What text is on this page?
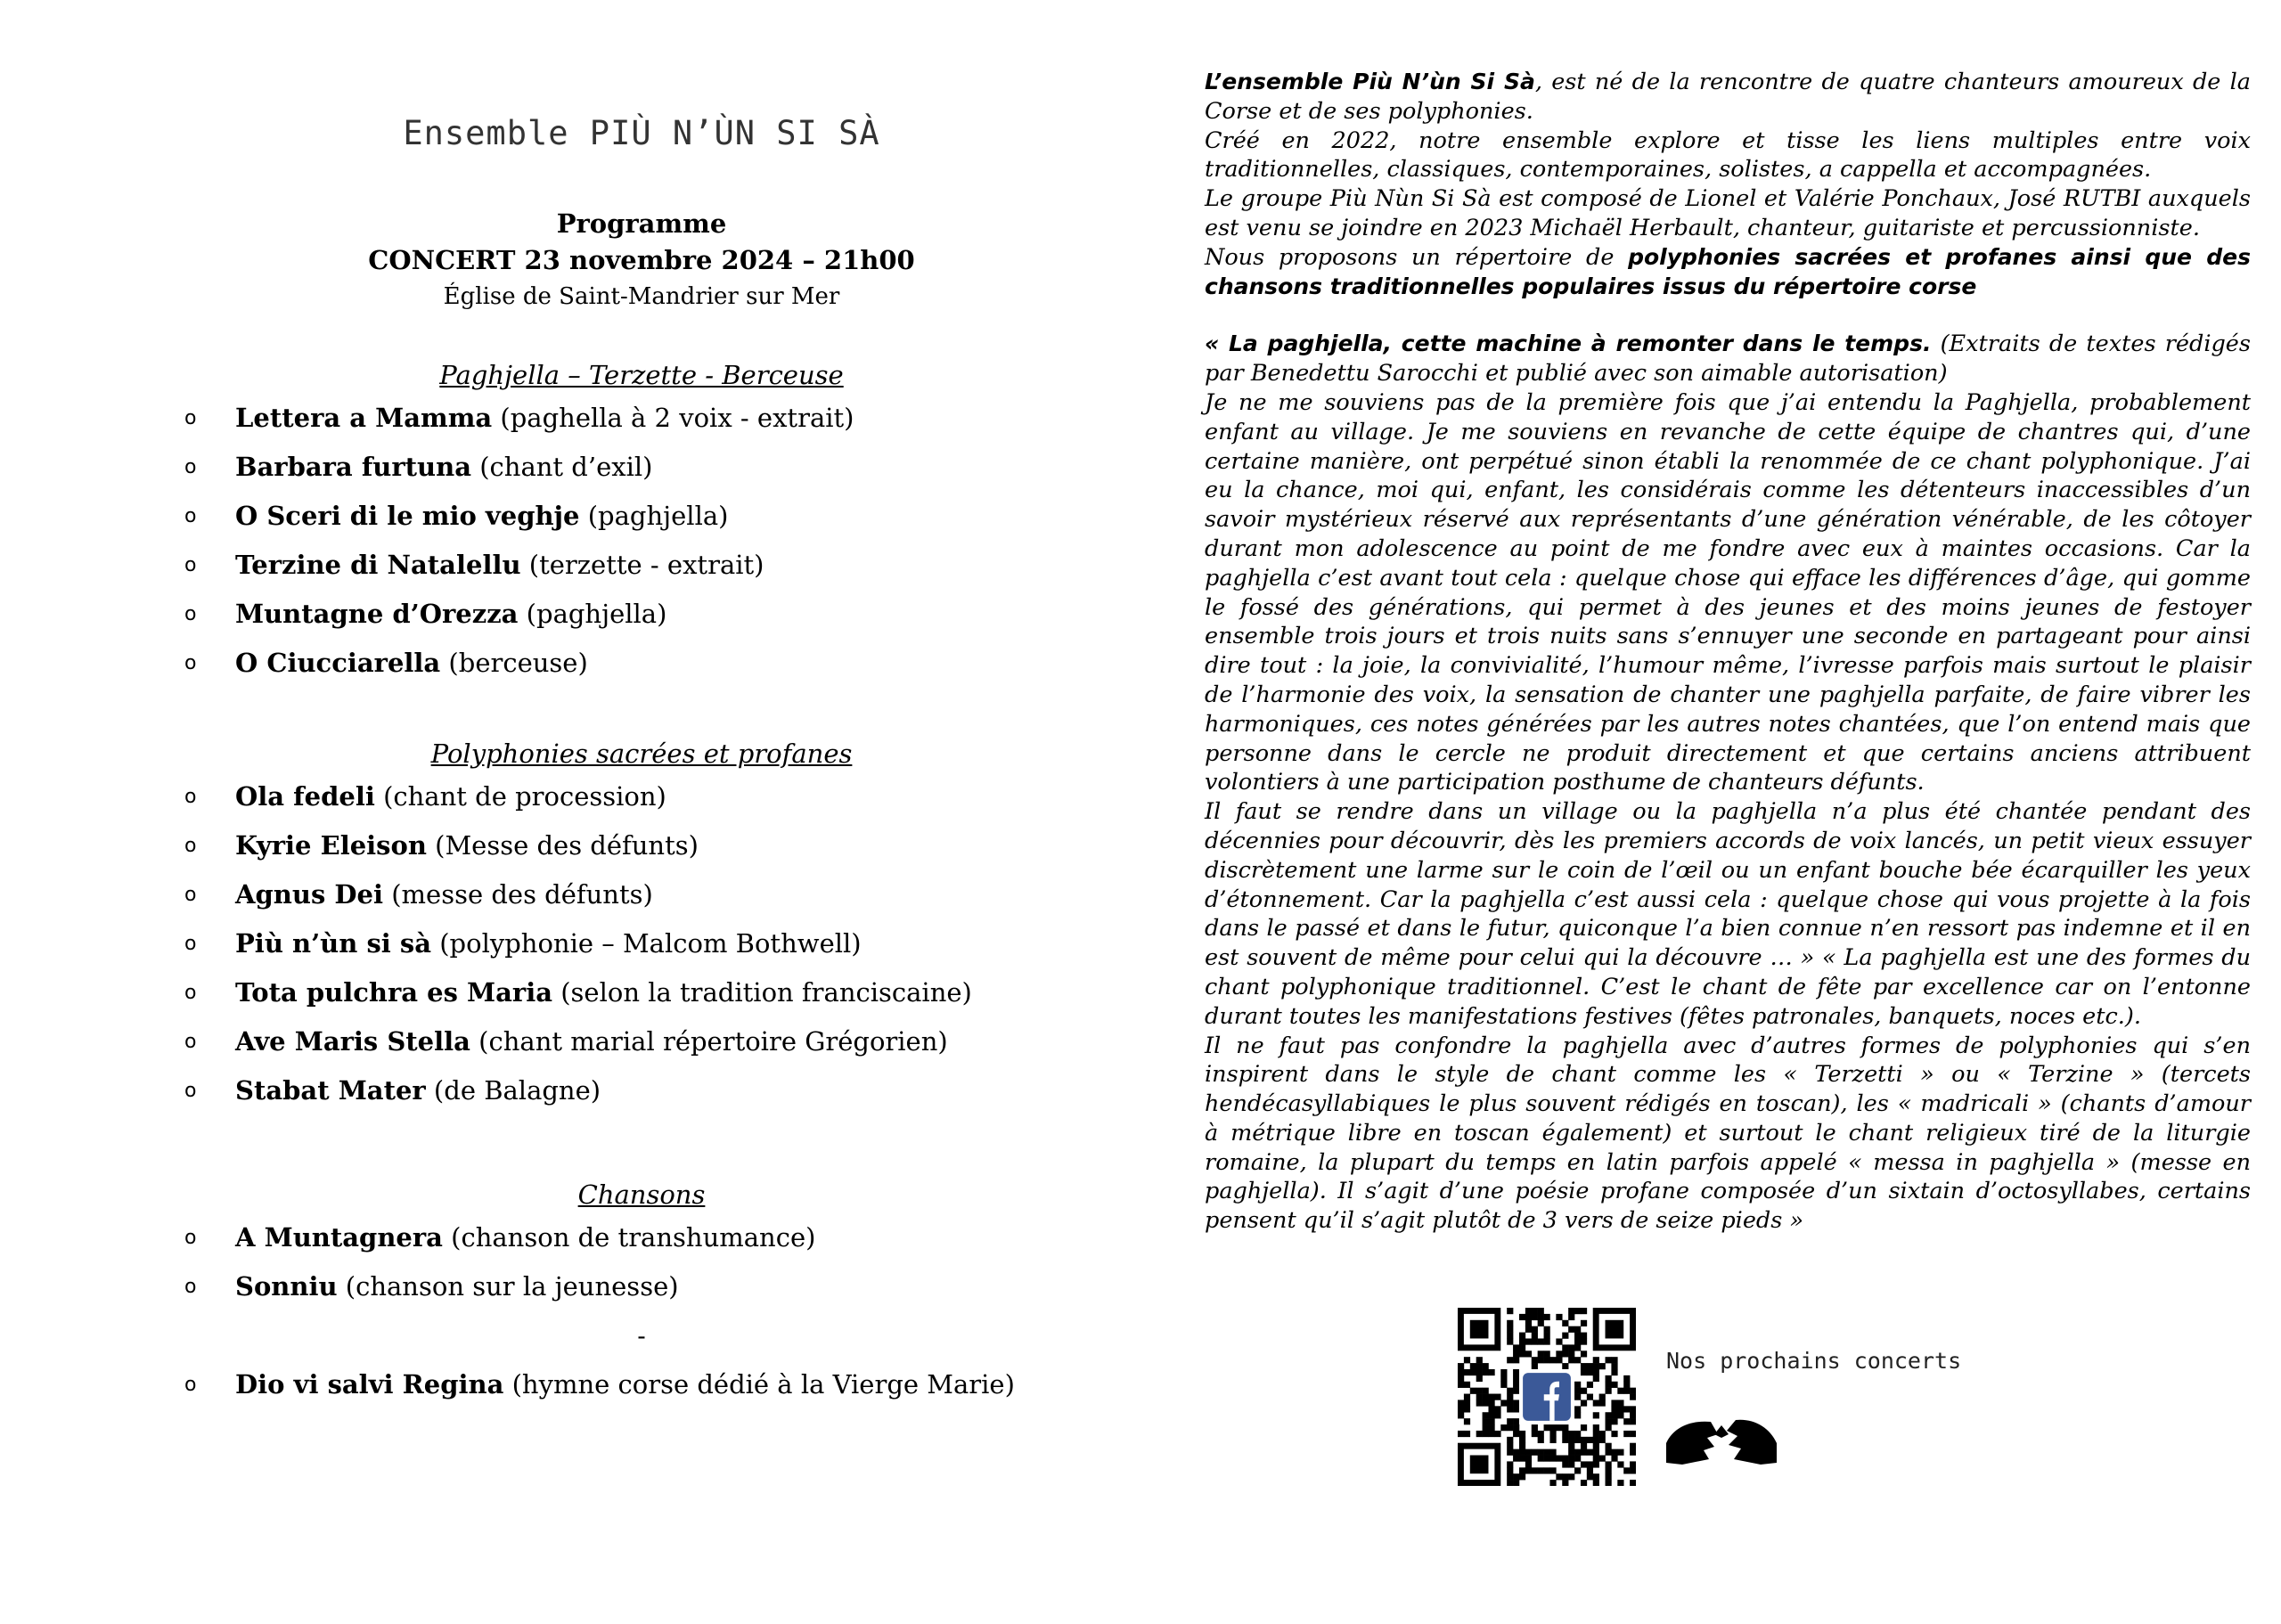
Ensemble PIÙ N’ÙN SI SÀ
Programme
CONCERT 23 novembre 2024 – 21h00
Église de Saint-Mandrier sur Mer
Paghjella – Terzette - Berceuse
o Lettera a Mamma (paghella à 2 voix - extrait)
o Barbara furtuna (chant d’exil)
o O Sceri di le mio veghje (paghjella)
o Terzine di Natalellu (terzette - extrait)
o Muntagne d’Orezza (paghjella)
o O Ciucciarella (berceuse)
Polyphonies sacrées et profanes
o Ola fedeli (chant de procession)
o Kyrie Eleison (Messe des défunts)
o Agnus Dei (messe des défunts)
o Più n’ùn si sà (polyphonie – Malcom Bothwell)
o Tota pulchra es Maria (selon la tradition franciscaine)
o Ave Maris Stella (chant marial répertoire Grégorien)
o Stabat Mater (de Balagne)
Chansons
o A Muntagnera (chanson de transhumance)
o Sonniu (chanson sur la jeunesse)
-
o Dio vi salvi Regina (hymne corse dédié à la Vierge Marie)

L’ensemble Più N’ùn Si Sà, est né de la rencontre de quatre chanteurs amoureux de la Corse et de ses polyphonies.

Créé en 2022, notre ensemble explore et tisse les liens multiples entre voix traditionnelles, classiques, contemporaines, solistes, a cappella et accompagnées.

Le groupe Più Nùn Si Sà est composé de Lionel et Valérie Ponchaux, José RUTBI auxquels est venu se joindre en 2023 Michaël Herbault, chanteur, guitariste et percussionniste.

Nous proposons un répertoire de polyphonies sacrées et profanes ainsi que des chansons traditionnelles populaires issus du répertoire corse

« La paghjella, cette machine à remonter dans le temps. (Extraits de textes rédigés par Benedettu Sarocchi et publié avec son aimable autorisation)

Je ne me souviens pas de la première fois que j’ai entendu la Paghjella, probablement enfant au village. Je me souviens en revanche de cette équipe de chantres qui, d’une certaine manière, ont perpétué sinon établi la renommée de ce chant polyphonique. J’ai eu la chance, moi qui, enfant, les considérais comme les détenteurs inaccessibles d’un savoir mystérieux réservé aux représentants d’une génération vénérable, de les côtoyer durant mon adolescence au point de me fondre avec eux à maintes occasions. Car la paghjella c’est avant tout cela : quelque chose qui efface les différences d’âge, qui gomme le fossé des générations, qui permet à des jeunes et des moins jeunes de festoyer ensemble trois jours et trois nuits sans s’ennuyer une seconde en partageant pour ainsi dire tout : la joie, la convivialité, l’humour même, l’ivresse parfois mais surtout le plaisir de l’harmonie des voix, la sensation de chanter une paghjella parfaite, de faire vibrer les harmoniques, ces notes générées par les autres notes chantées, que l’on entend mais que personne dans le cercle ne produit directement et que certains anciens attribuent volontiers à une participation posthume de chanteurs défunts.

Il faut se rendre dans un village ou la paghjella n’a plus été chantée pendant des décennies pour découvrir, dès les premiers accords de voix lancés, un petit vieux essuyer discrètement une larme sur le coin de l’œil ou un enfant bouche bée écarquiller les yeux d’étonnement. Car la paghjella c’est aussi cela : quelque chose qui vous projette à la fois dans le passé et dans le futur, quiconque l’a bien connue n’en ressort pas indemne et il en est souvent de même pour celui qui la découvre … » « La paghjella est une des formes du chant polyphonique traditionnel. C’est le chant de fête par excellence car on l’entonne durant toutes les manifestations festives (fêtes patronales, banquets, noces etc.).

Il ne faut pas confondre la paghjella avec d’autres formes de polyphonies qui s’en inspirent dans le style de chant comme les « Terzetti » ou « Terzine » (tercets hendécasyllabiques le plus souvent rédigés en toscan), les « madricali » (chants d’amour à métrique libre en toscan également) et surtout le chant religieux tiré de la liturgie romaine, la plupart du temps en latin parfois appelé « messa in paghjella » (messe en paghjella). Il s’agit d’une poésie profane composée d’un sixtain d’octosyllabes, certains pensent qu’il s’agit plutôt de 3 vers de seize pieds »

Nos prochains concerts
